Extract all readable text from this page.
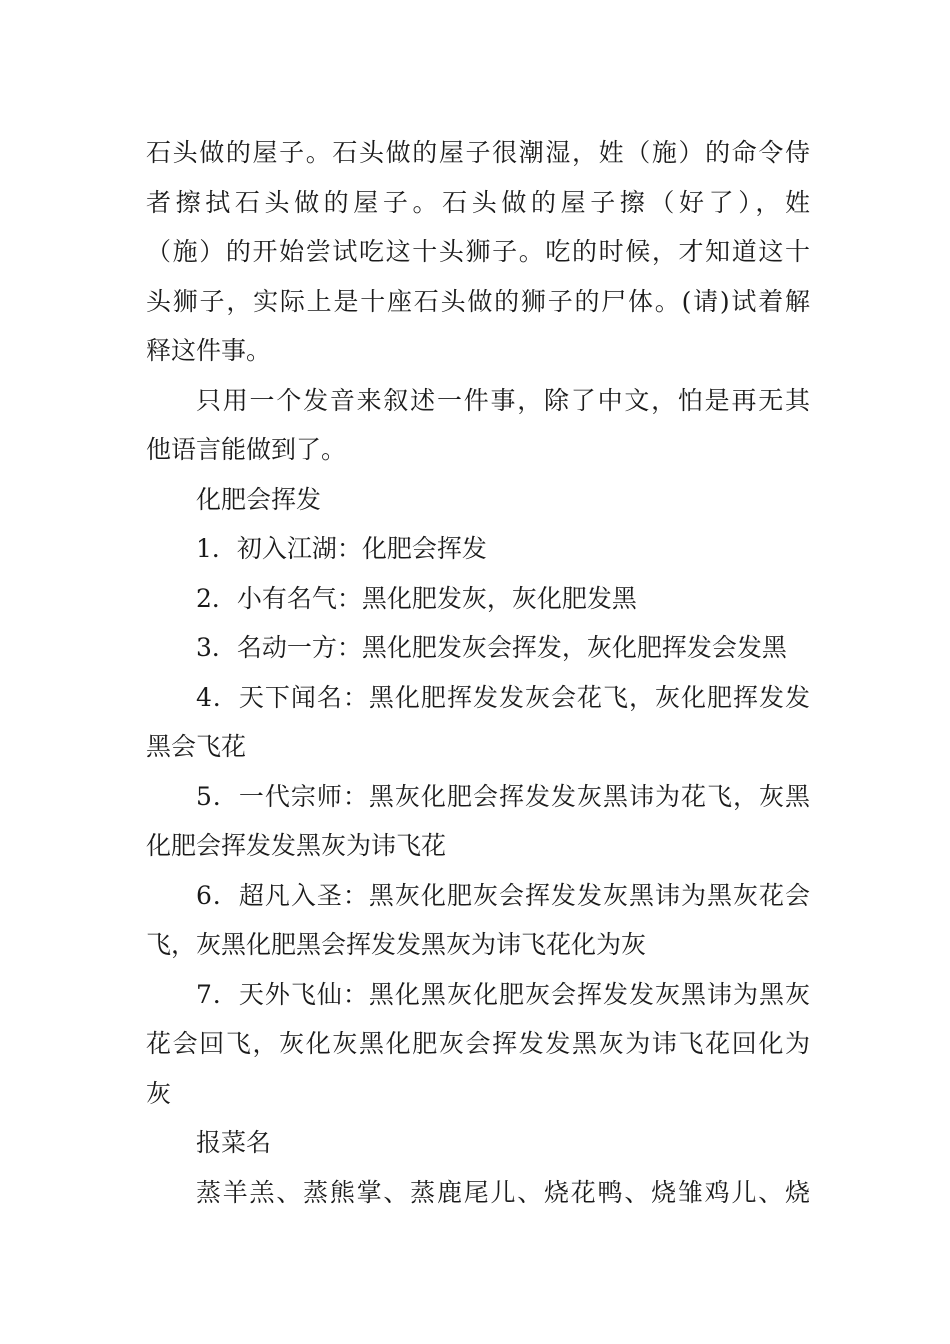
石头做的屋子。石头做的屋子很潮湿，姓（施）的命令侍
者擦拭石头做的屋子。石头做的屋子擦（好了），姓
（施）的开始尝试吃这十头狮子。吃的时候，才知道这十
头狮子，实际上是十座石头做的狮子的尸体。(请)试着解
释这件事。
只用一个发音来叙述一件事，除了中文，怕是再无其
他语言能做到了。
化肥会挥发
1．初入江湖：化肥会挥发
2．小有名气：黑化肥发灰，灰化肥发黑
3．名动一方：黑化肥发灰会挥发，灰化肥挥发会发黑
4．天下闻名：黑化肥挥发发灰会花飞，灰化肥挥发发
黑会飞花
5．一代宗师：黑灰化肥会挥发发灰黑讳为花飞，灰黑
化肥会挥发发黑灰为讳飞花
6．超凡入圣：黑灰化肥灰会挥发发灰黑讳为黑灰花会
飞，灰黑化肥黑会挥发发黑灰为讳飞花化为灰
7．天外飞仙：黑化黑灰化肥灰会挥发发灰黑讳为黑灰
花会回飞，灰化灰黑化肥灰会挥发发黑灰为讳飞花回化为
灰
报菜名
蒸羊羔、蒸熊掌、蒸鹿尾儿、烧花鸭、烧雏鸡儿、烧
